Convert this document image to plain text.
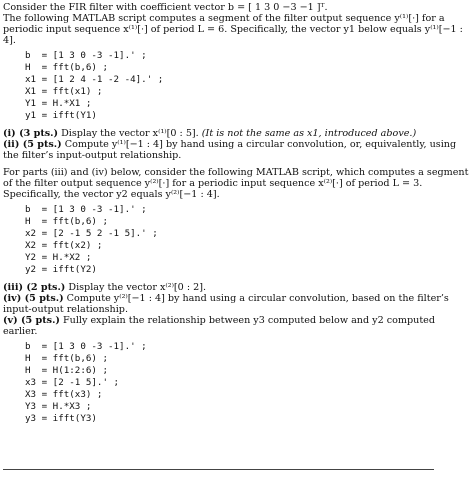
Consider the FIR filter with coefficient vector b = [ 1 3 0 −3 −1 ]ᵀ.

The following MATLAB script computes a segment of the filter output sequence y⁽¹⁾[·] for a periodic input sequence x⁽¹⁾[·] of period L = 6. Specifically, the vector y1 below equals y⁽¹⁾[−1 : 4].

b  = [1 3 0 -3 -1].' ;
H  = fft(b,6) ;
x1 = [1 2 4 -1 -2 -4].' ;
X1 = fft(x1) ;
Y1 = H.*X1 ;
y1 = ifft(Y1)

(i) (3 pts.) Display the vector x⁽¹⁾[0 : 5]. (It is not the same as x1, introduced above.)

(ii) (5 pts.) Compute y⁽¹⁾[−1 : 4] by hand using a circular convolution, or, equivalently, using the filter’s input-output relationship.

For parts (iii) and (iv) below, consider the following MATLAB script, which computes a segment of the filter output sequence y⁽²⁾[·] for a periodic input sequence x⁽²⁾[·] of period L = 3. Specifically, the vector y2 equals y⁽²⁾[−1 : 4].

b  = [1 3 0 -3 -1].' ;
H  = fft(b,6) ;
x2 = [2 -1 5 2 -1 5].' ;
X2 = fft(x2) ;
Y2 = H.*X2 ;
y2 = ifft(Y2)

(iii) (2 pts.) Display the vector x⁽²⁾[0 : 2].

(iv) (5 pts.) Compute y⁽²⁾[−1 : 4] by hand using a circular convolution, based on the filter’s input-output relationship.

(v) (5 pts.) Fully explain the relationship between y3 computed below and y2 computed earlier.

b  = [1 3 0 -3 -1].' ;
H  = fft(b,6) ;
H  = H(1:2:6) ;
x3 = [2 -1 5].' ;
X3 = fft(x3) ;
Y3 = H.*X3 ;
y3 = ifft(Y3)
